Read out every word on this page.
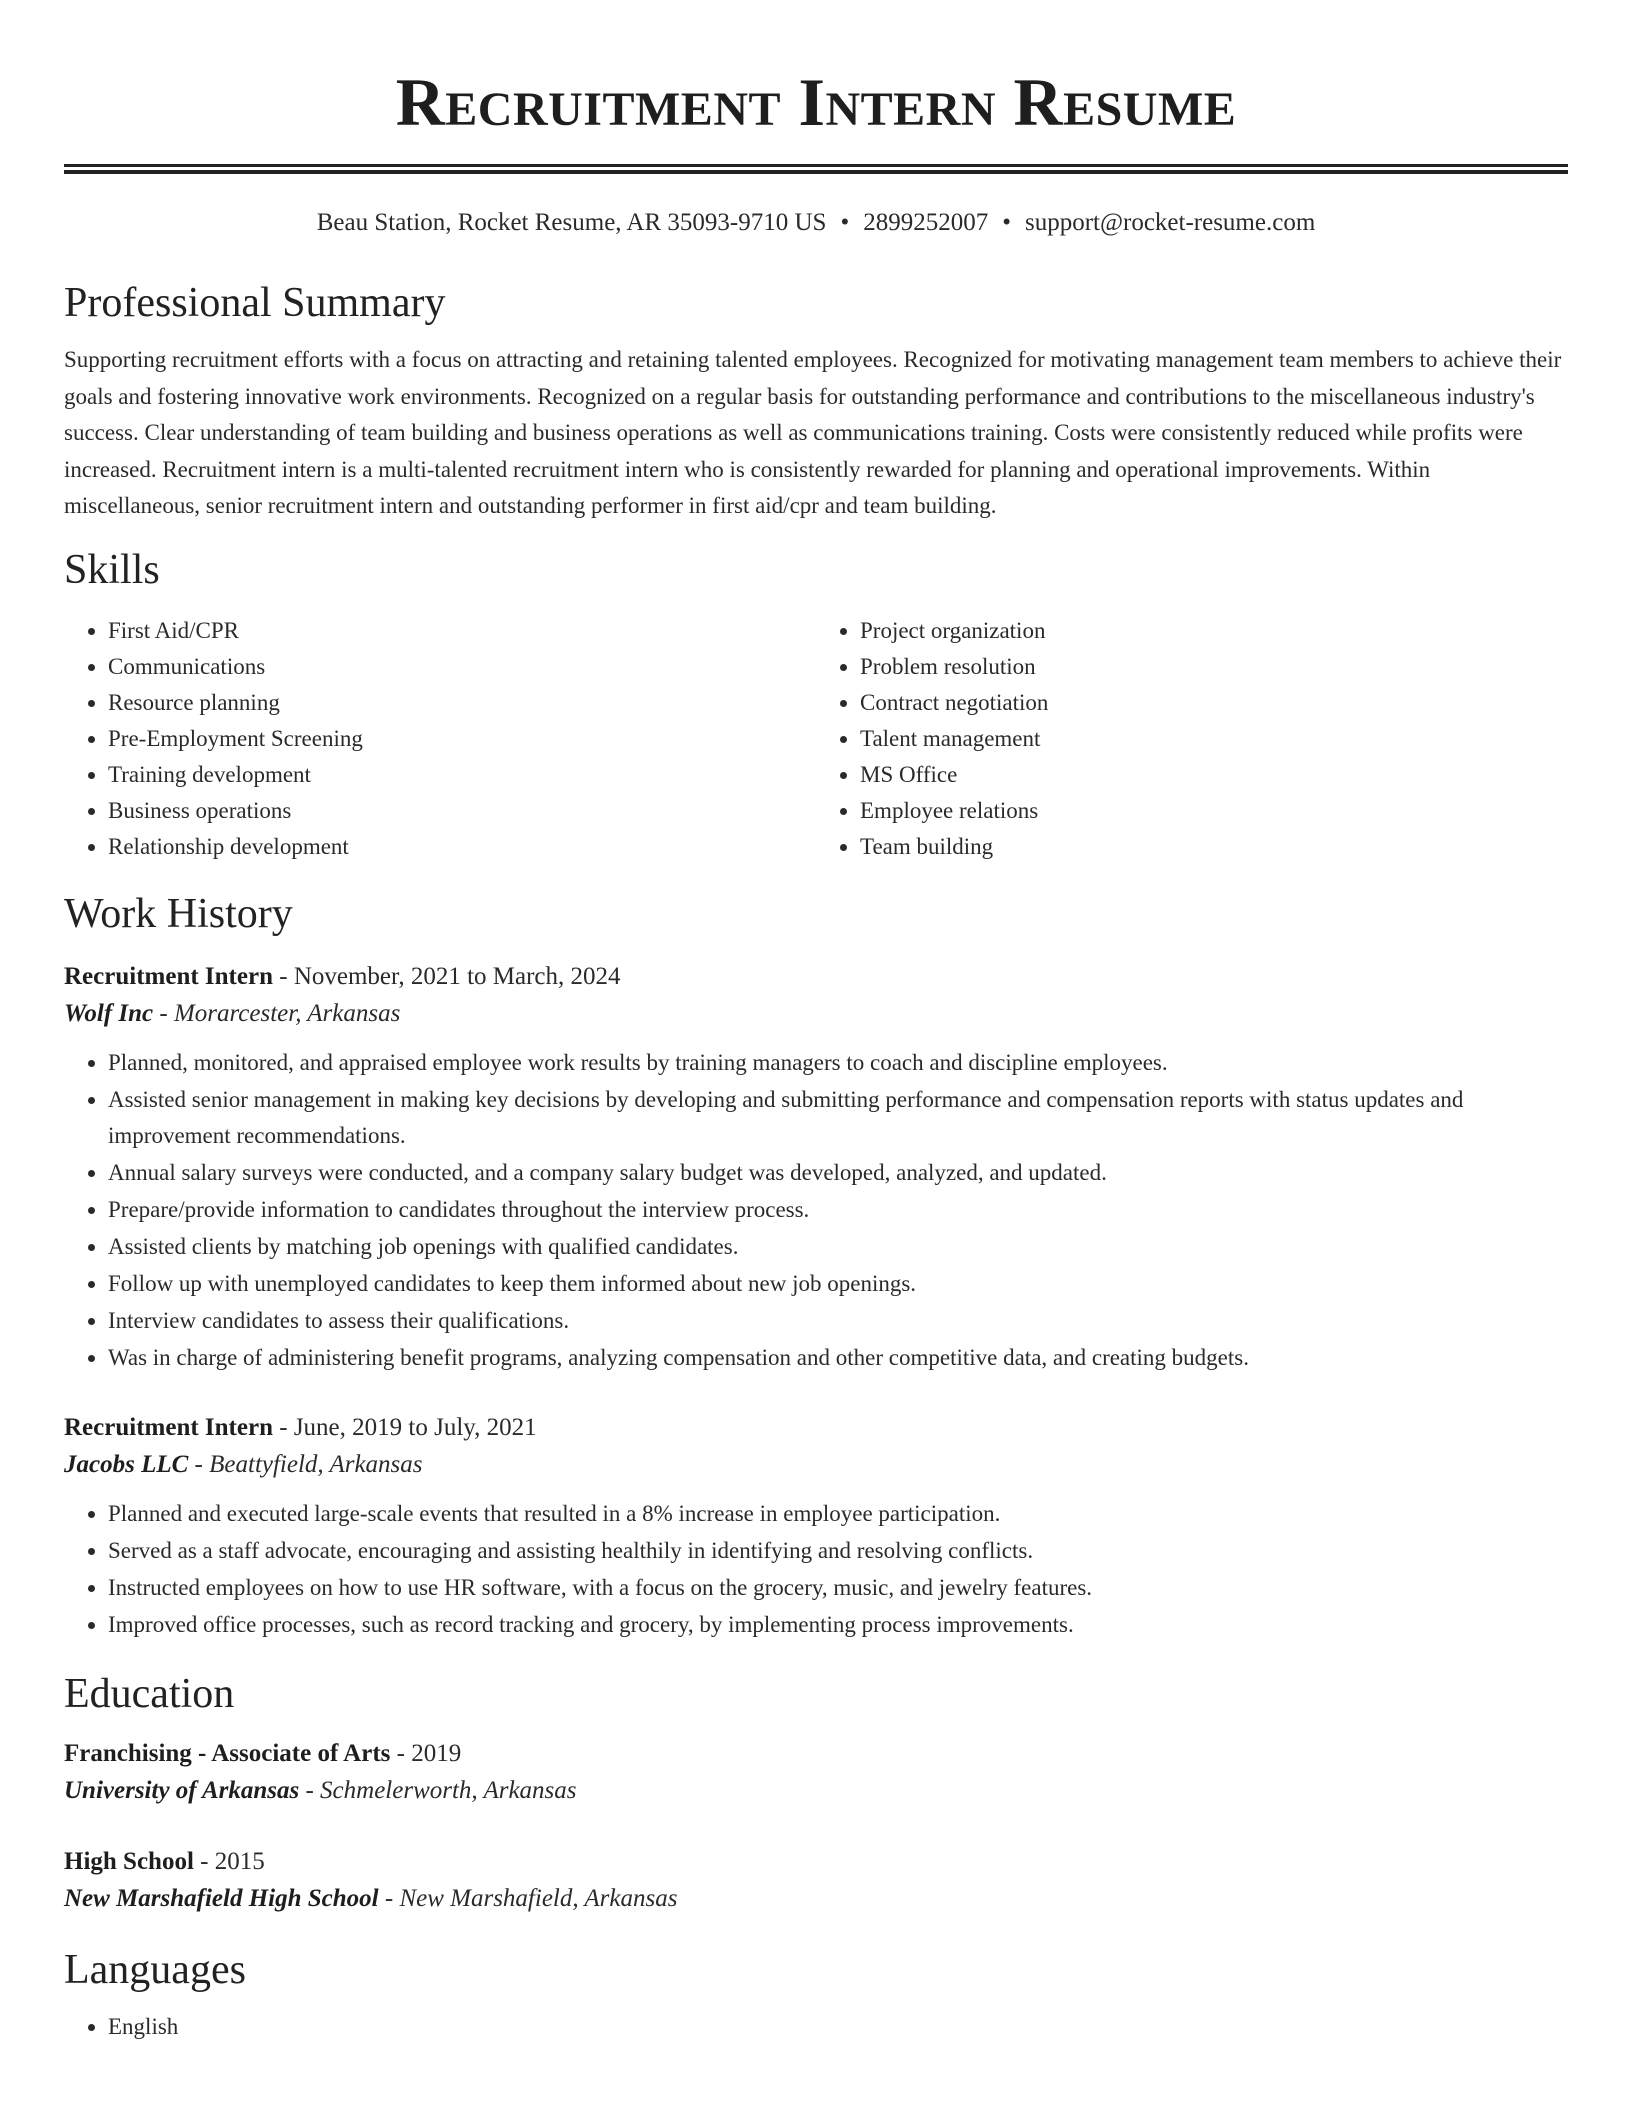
Recruitment Intern Resume
Beau Station, Rocket Resume, AR 35093-9710 US • 2899252007 • support@rocket-resume.com
Professional Summary

Supporting recruitment efforts with a focus on attracting and retaining talented employees. Recognized for motivating management team members to achieve their goals and fostering innovative work environments. Recognized on a regular basis for outstanding performance and contributions to the miscellaneous industry's success. Clear understanding of team building and business operations as well as communications training. Costs were consistently reduced while profits were increased. Recruitment intern is a multi-talented recruitment intern who is consistently rewarded for planning and operational improvements. Within miscellaneous, senior recruitment intern and outstanding performer in first aid/cpr and team building.

Skills
• First Aid/CPR
• Communications
• Resource planning
• Pre-Employment Screening
• Training development
• Business operations
• Relationship development
• Project organization
• Problem resolution
• Contract negotiation
• Talent management
• MS Office
• Employee relations
• Team building
Work History
Recruitment Intern - November, 2021 to March, 2024
Wolf Inc - Morarcester, Arkansas
• Planned, monitored, and appraised employee work results by training managers to coach and discipline employees.
• Assisted senior management in making key decisions by developing and submitting performance and compensation reports with status updates and improvement recommendations.
• Annual salary surveys were conducted, and a company salary budget was developed, analyzed, and updated.
• Prepare/provide information to candidates throughout the interview process.
• Assisted clients by matching job openings with qualified candidates.
• Follow up with unemployed candidates to keep them informed about new job openings.
• Interview candidates to assess their qualifications.
• Was in charge of administering benefit programs, analyzing compensation and other competitive data, and creating budgets.
Recruitment Intern - June, 2019 to July, 2021
Jacobs LLC - Beattyfield, Arkansas
• Planned and executed large-scale events that resulted in a 8% increase in employee participation.
• Served as a staff advocate, encouraging and assisting healthily in identifying and resolving conflicts.
• Instructed employees on how to use HR software, with a focus on the grocery, music, and jewelry features.
• Improved office processes, such as record tracking and grocery, by implementing process improvements.
Education
Franchising - Associate of Arts - 2019
University of Arkansas - Schmelerworth, Arkansas
High School - 2015
New Marshafield High School - New Marshafield, Arkansas
Languages
• English
